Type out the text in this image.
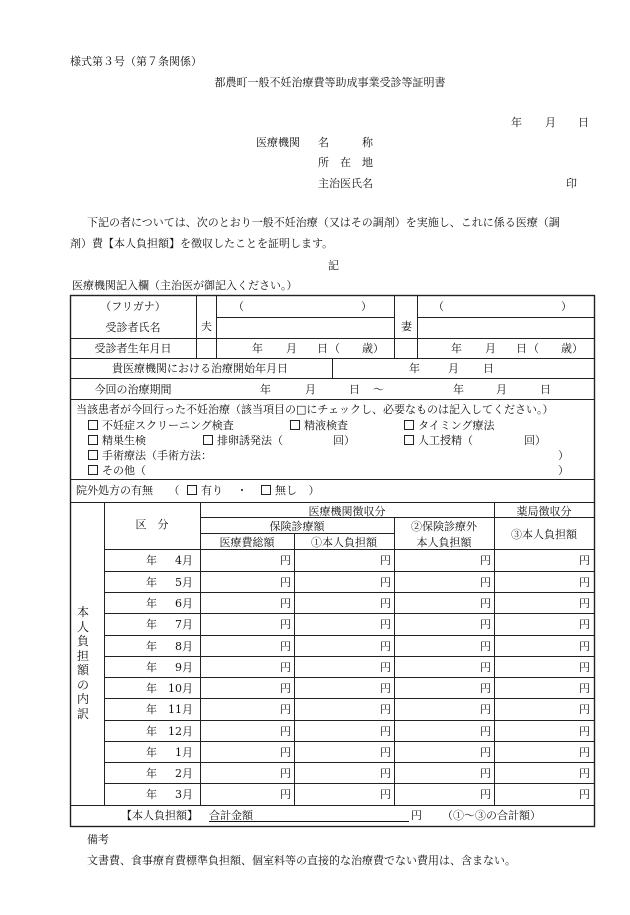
様式第３号（第７条関係）
都農町一般不妊治療費等助成事業受診等証明書
年 月 日
医療機関 名　　　称
所　在　地
主治医氏名	印
下記の者については、次のとおり一般不妊治療（又はその調剤）を実施し、これに係る医療（調
剤）費【本人負担額】を徴収したことを証明します。
記
医療機関記入欄（主治医が御記入ください。）
（フリガナ）
受診者氏名	夫	妻
（	）	（	）
受診者生年月日	年 月 日 （ 歳）	年 月 日 （ 歳）
貴医療機関における治療開始年月日	年	月 日
今回の治療期間	年	月	日 ～	年	月	日
当該患者が今回行った不妊治療（該当項目の□にチェックし、必要なものは記入してください。）
不妊症スクリーニング検査	精液検査	タイミング療法
精巣生検	排卵誘発法（	回）	人工授精（	回）
手術療法（手術方法：	）
その他（	）
院外処方の有無 （ 有り ・	無し ）
本人負担額の内訳
区　分
医療機関徴収分
保険診療額
医療費総額	①本人負担額
②保険診療外
本人負担額
薬局徴収分
③本人負担額
年	4月	円	円	円	円
年	5月	円	円	円	円
年	6月	円	円	円	円
年	7月	円	円	円	円
年	8月	円	円	円	円
年	9月	円	円	円	円
年	10月	円	円	円	円
年	11月	円	円	円	円
年	12月	円	円	円	円
年	1月	円	円	円	円
年	2月	円	円	円	円
年	3月	円	円	円	円
【本人負担額】 合計金額	円 （①～③の合計額）
備考
文書費、食事療育費標準負担額、個室料等の直接的な治療費でない費用は、含まない。
